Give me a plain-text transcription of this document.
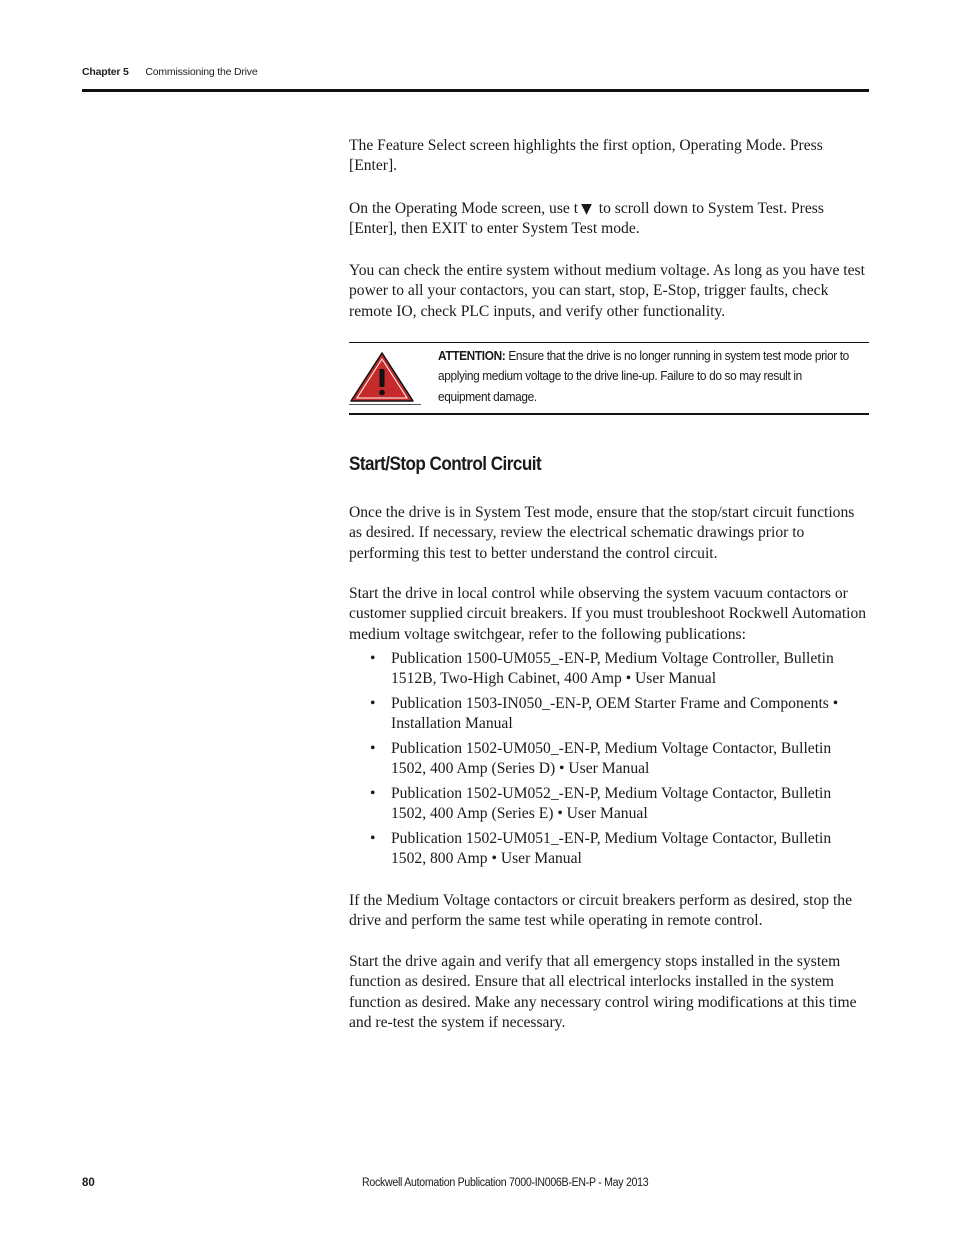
Chapter 5 Commissioning the Drive

The Feature Select screen highlights the first option, Operating Mode. Press [Enter].

On the Operating Mode screen, use t ▼ to scroll down to System Test. Press [Enter], then EXIT to enter System Test mode.

You can check the entire system without medium voltage. As long as you have test power to all your contactors, you can start, stop, E-Stop, trigger faults, check remote IO, check PLC inputs, and verify other functionality.

ATTENTION: Ensure that the drive is no longer running in system test mode prior to applying medium voltage to the drive line-up. Failure to do so may result in equipment damage.
Start/Stop Control Circuit

Once the drive is in System Test mode, ensure that the stop/start circuit functions as desired. If necessary, review the electrical schematic drawings prior to performing this test to better understand the control circuit.

Start the drive in local control while observing the system vacuum contactors or customer supplied circuit breakers. If you must troubleshoot Rockwell Automation medium voltage switchgear, refer to the following publications:

• Publication 1500-UM055_-EN-P, Medium Voltage Controller, Bulletin 1512B, Two-High Cabinet, 400 Amp • User Manual
• Publication 1503-IN050_-EN-P, OEM Starter Frame and Components • Installation Manual
• Publication 1502-UM050_-EN-P, Medium Voltage Contactor, Bulletin 1502, 400 Amp (Series D) • User Manual
• Publication 1502-UM052_-EN-P, Medium Voltage Contactor, Bulletin 1502, 400 Amp (Series E) • User Manual
• Publication 1502-UM051_-EN-P, Medium Voltage Contactor, Bulletin 1502, 800 Amp • User Manual

If the Medium Voltage contactors or circuit breakers perform as desired, stop the drive and perform the same test while operating in remote control.

Start the drive again and verify that all emergency stops installed in the system function as desired. Ensure that all electrical interlocks installed in the system function as desired. Make any necessary control wiring modifications at this time and re-test the system if necessary.

80	Rockwell Automation Publication 7000-IN006B-EN-P - May 2013
